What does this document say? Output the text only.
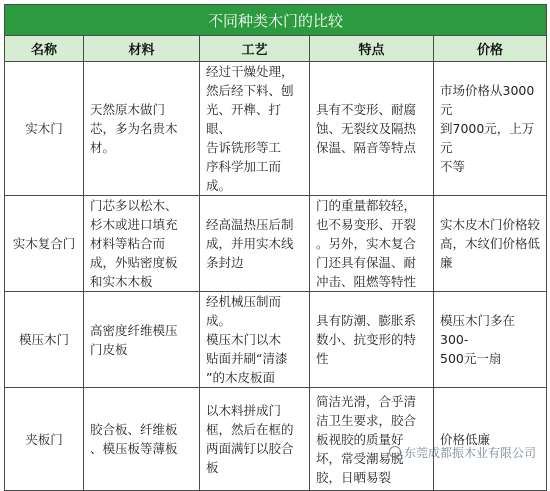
不同种类木门的比较				
名称	材料	工艺	特点	价格

实木门	天然原木做门
芯，多为名贵木
材。	经过干燥处理，
然后经下料、刨
光、开榫、打眼、
告诉铣形等工
序科学加工而成。	具有不变形、耐腐
蚀、无裂纹及隔热
保温、隔音等特点	市场价格从3000元
到7000元，上万元
不等

实木复合门	门芯多以松木、
杉木或进口填充
材料等粘合而
成，外贴密度板
和实木木板	经高温热压后制
成，并用实木线
条封边	门的重量都较轻，
也不易变形、开裂
。另外，实木复合
门还具有保温、耐
冲击、阻燃等特性	实木皮木门价格较
高，木纹们价格低
廉

模压木门	高密度纤维模压
门皮板	经机械压制而成。
模压木门以木
贴面并刷“清漆
”的木皮板面	具有防潮、膨胀系
数小、抗变形的特
性	模压木门多在300-
500元一扇

夹板门	胶合板、纤维板
、模压板等薄板	以木料拼成门
框，然后在框的
两面满钉以胶合
板	简洁光滑，合乎清
洁卫生要求，胶合
板视胶的质量好
坏，常受潮易脱
胶，日晒易裂	价格低廉
东莞成都振木业有限公司
